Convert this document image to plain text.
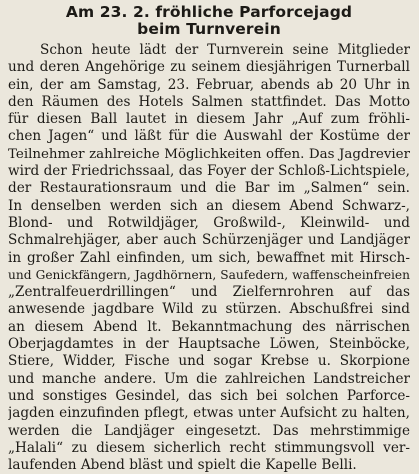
Am 23. 2. fröhliche Parforcejagd
beim Turnverein
Schon heute lädt der Turnverein seine Mitglieder
und deren Angehörige zu seinem diesjährigen Turnerball
ein, der am Samstag, 23. Februar, abends ab 20 Uhr in
den Räumen des Hotels Salmen stattfindet. Das Motto
für diesen Ball lautet in diesem Jahr „Auf zum fröhli-
chen Jagen“ und läßt für die Auswahl der Kostüme der
Teilnehmer zahlreiche Möglichkeiten offen. Das Jagdrevier
wird der Friedrichssaal, das Foyer der Schloß-Lichtspiele,
der Restaurationsraum und die Bar im „Salmen“ sein.
In denselben werden sich an diesem Abend Schwarz-,
Blond- und Rotwildjäger, Großwild-, Kleinwild- und
Schmalrehjäger, aber auch Schürzenjäger und Landjäger
in großer Zahl einfinden, um sich, bewaffnet mit Hirsch-
und Genickfängern, Jagdhörnern, Saufedern, waffenscheinfreien
„Zentralfeuerdrillingen“ und Zielfernrohren auf das
anwesende jagdbare Wild zu stürzen. Abschußfrei sind
an diesem Abend lt. Bekanntmachung des närrischen
Oberjagdamtes in der Hauptsache Löwen, Steinböcke,
Stiere, Widder, Fische und sogar Krebse u. Skorpione
und manche andere. Um die zahlreichen Landstreicher
und sonstiges Gesindel, das sich bei solchen Parforce-
jagden einzufinden pflegt, etwas unter Aufsicht zu halten,
werden die Landjäger eingesetzt. Das mehrstimmige
„Halali“ zu diesem sicherlich recht stimmungsvoll ver-
laufenden Abend bläst und spielt die Kapelle Belli.
